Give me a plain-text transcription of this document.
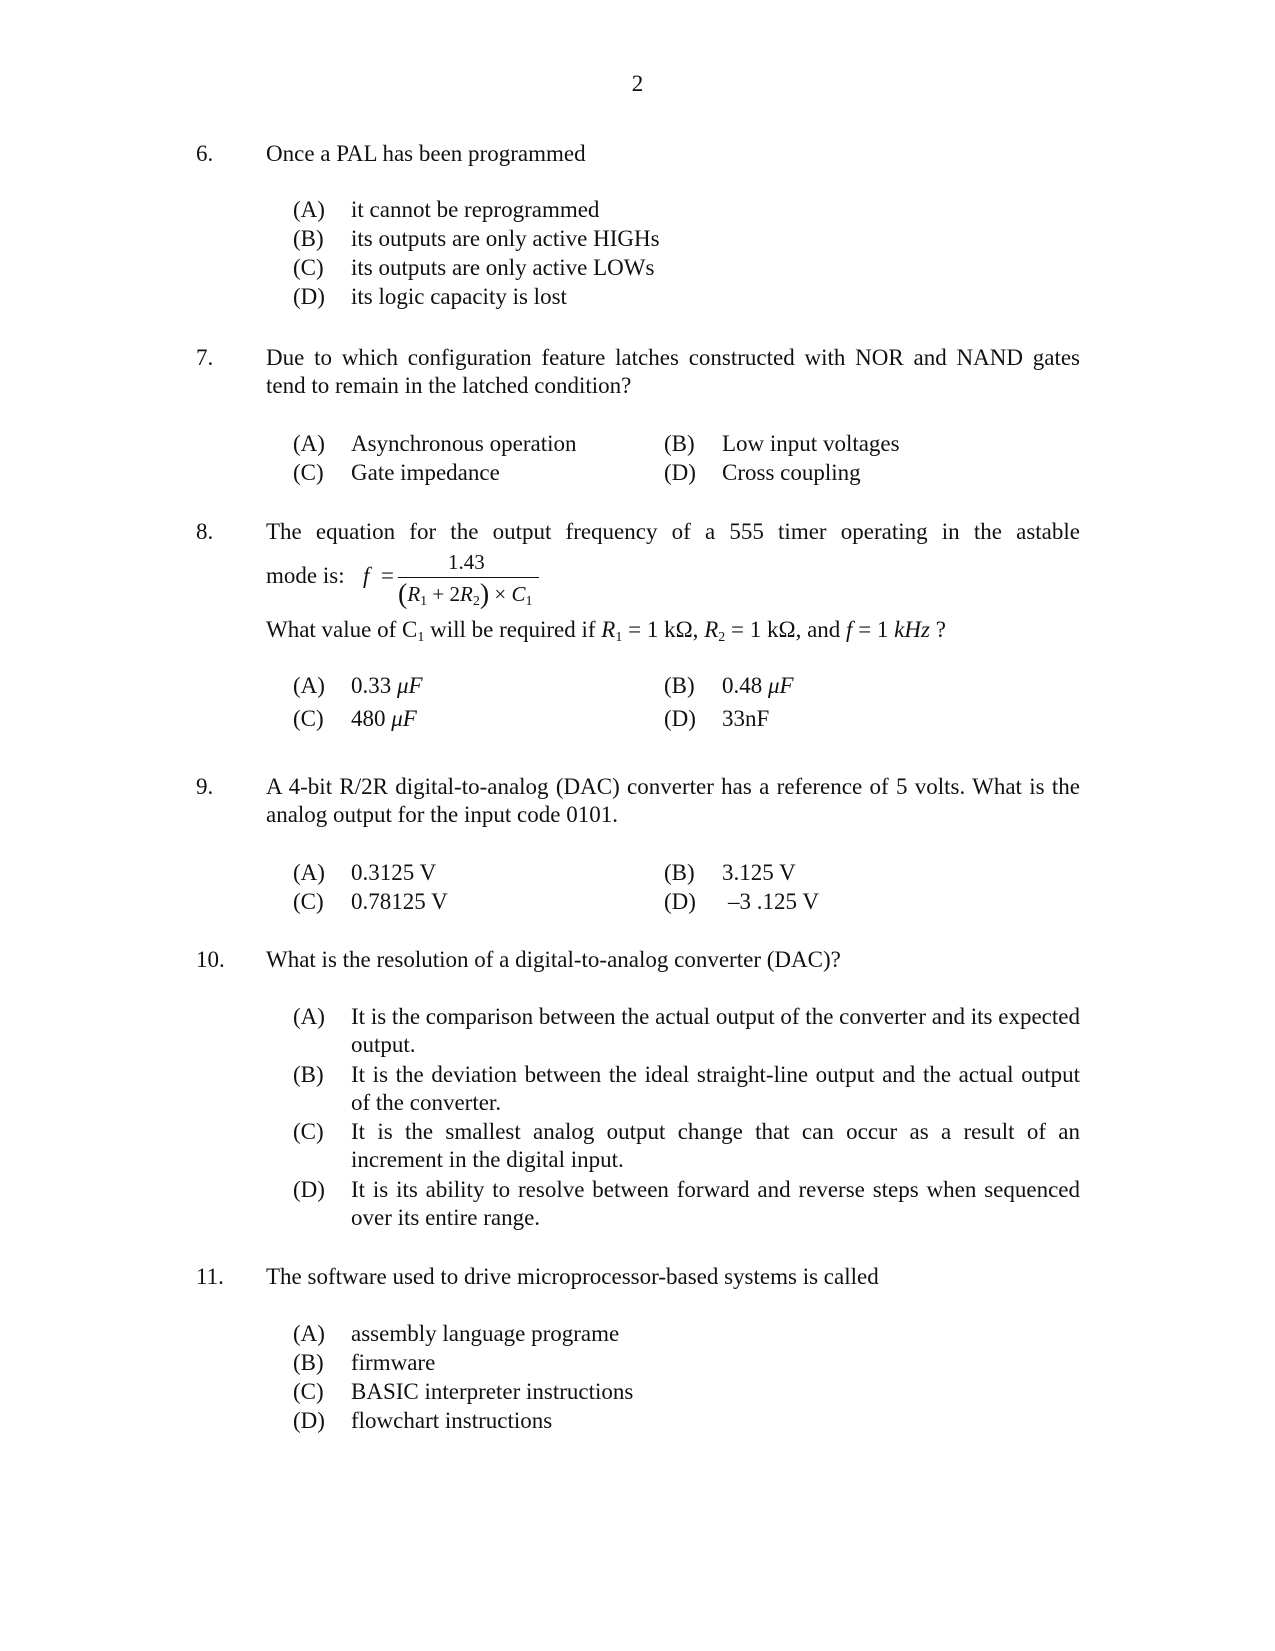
2
6. Once a PAL has been programmed
(A) it cannot be reprogrammed
(B) its outputs are only active HIGHs
(C) its outputs are only active LOWs
(D) its logic capacity is lost
7. Due to which configuration feature latches constructed with NOR and NAND gates tend to remain in the latched condition?
(A) Asynchronous operation	(B) Low input voltages
(C) Gate impedance	(D) Cross coupling
8. The equation for the output frequency of a 555 timer operating in the astable
mode is: f =
1.43
$(R_1 + 2R_2) \times C_1$
What value of $C_1$ will be required if $R_1 = 1$ kΩ, $R_2 = 1$ kΩ, and f = 1 kHz ?
(A) 0.33 μF	(B) 0.48 μF
(C) 480 μF	(D) 33nF
9. A 4-bit R/2R digital-to-analog (DAC) converter has a reference of 5 volts. What is the analog output for the input code 0101.
(A) 0.3125 V	(B) 3.125 V
(C) 0.78125 V	(D) –3 .125 V
10. What is the resolution of a digital-to-analog converter (DAC)?
(A)	It is the comparison between the actual output of the converter and its expected output.
(B)	It is the deviation between the ideal straight-line output and the actual output of the converter.
(C)	It is the smallest analog output change that can occur as a result of an increment in the digital input.
(D)	It is its ability to resolve between forward and reverse steps when sequenced over its entire range.
11. The software used to drive microprocessor-based systems is called
(A) assembly language programe
(B) firmware
(C) BASIC interpreter instructions
(D) flowchart instructions
